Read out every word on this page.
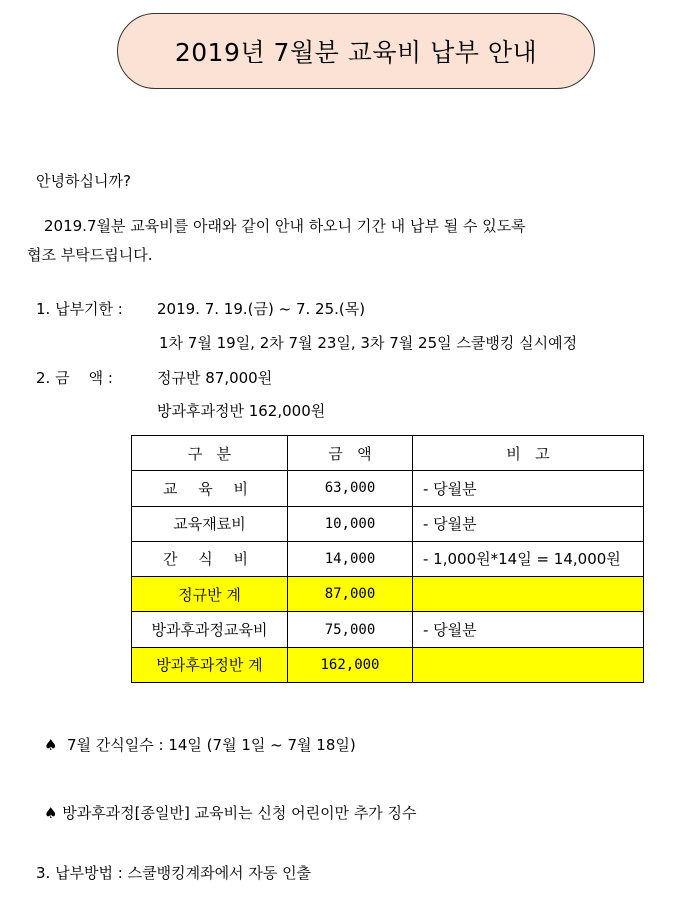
2019년 7월분 교육비 납부 안내
안녕하십니까?
2019.7월분 교육비를 아래와 같이 안내 하오니 기간 내 납부 될 수 있도록
협조 부탁드립니다.
1. 납부기한 : 2019. 7. 19.(금) ~ 7. 25.(목)
1차 7월 19일, 2차 7월 23일, 3차 7월 25일 스쿨뱅킹 실시예정
2. 금    액 :	정규반 87,000원
방과후과정반 162,000원
구   분	금   액	비   고
교 육 비	63,000	- 당월분
교육재료비	10,000	- 당월분
간 식 비	14,000	- 1,000원*14일 = 14,000원
정규반 계	87,000	
방과후과정교육비	75,000	- 당월분
방과후과정반 계	162,000	
♠  7월 간식일수 : 14일 (7월 1일 ~ 7월 18일)
♠ 방과후과정[종일반] 교육비는 신청 어린이만 추가 징수
3. 납부방법 : 스쿨뱅킹계좌에서 자동 인출
